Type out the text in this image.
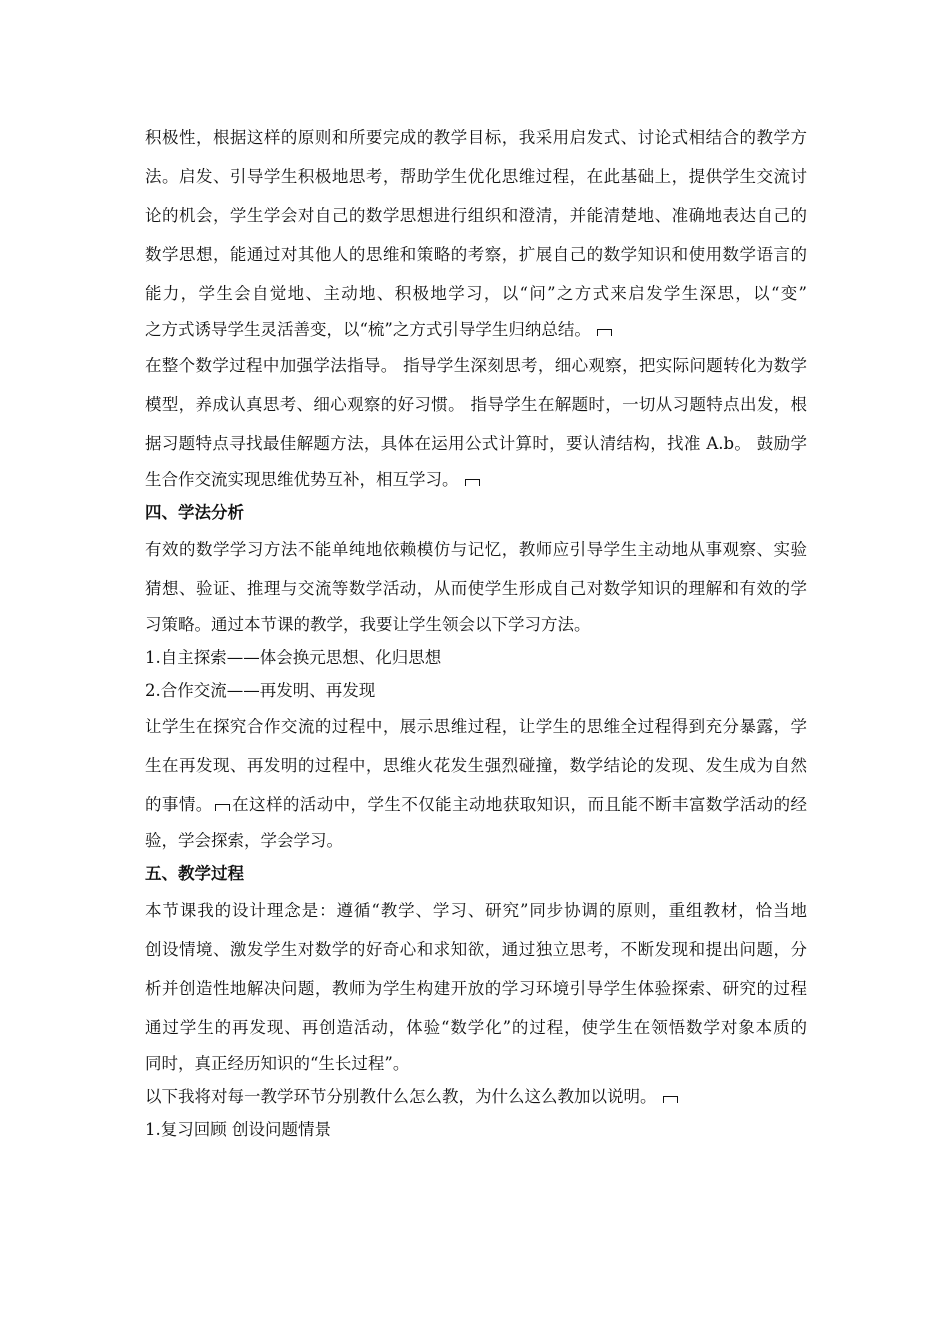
积极性，根据这样的原则和所要完成的教学目标，我采用启发式、讨论式相结合的教学方
法。启发、引导学生积极地思考，帮助学生优化思维过程，在此基础上，提供学生交流讨
论的机会，学生学会对自己的数学思想进行组织和澄清，并能清楚地、准确地表达自己的
数学思想，能通过对其他人的思维和策略的考察，扩展自己的数学知识和使用数学语言的
能力，学生会自觉地、主动地、积极地学习，以“问”之方式来启发学生深思，以“变”
之方式诱导学生灵活善变，以“梳”之方式引导学生归纳总结。
在整个数学过程中加强学法指导。 指导学生深刻思考，细心观察，把实际问题转化为数学
模型，养成认真思考、细心观察的好习惯。 指导学生在解题时，一切从习题特点出发，根
据习题特点寻找最佳解题方法，具体在运用公式计算时，要认清结构，找准 A.b。 鼓励学
生合作交流实现思维优势互补，相互学习。
四、学法分析
有效的数学学习方法不能单纯地依赖模仿与记忆，教师应引导学生主动地从事观察、实验
猜想、验证、推理与交流等数学活动，从而使学生形成自己对数学知识的理解和有效的学
习策略。通过本节课的教学，我要让学生领会以下学习方法。
1.自主探索——体会换元思想、化归思想
2.合作交流——再发明、再发现
让学生在探究合作交流的过程中，展示思维过程，让学生的思维全过程得到充分暴露，学
生在再发现、再发明的过程中，思维火花发生强烈碰撞，数学结论的发现、发生成为自然
的事情。 在这样的活动中，学生不仅能主动地获取知识，而且能不断丰富数学活动的经
验，学会探索，学会学习。
五、教学过程
本节课我的设计理念是：遵循“教学、学习、研究”同步协调的原则，重组教材，恰当地
创设情境、激发学生对数学的好奇心和求知欲，通过独立思考，不断发现和提出问题，分
析并创造性地解决问题，教师为学生构建开放的学习环境引导学生体验探索、研究的过程
通过学生的再发现、再创造活动，体验“数学化”的过程，使学生在领悟数学对象本质的
同时，真正经历知识的“生长过程”。
以下我将对每一教学环节分别教什么怎么教，为什么这么教加以说明。
1.复习回顾 创设问题情景
